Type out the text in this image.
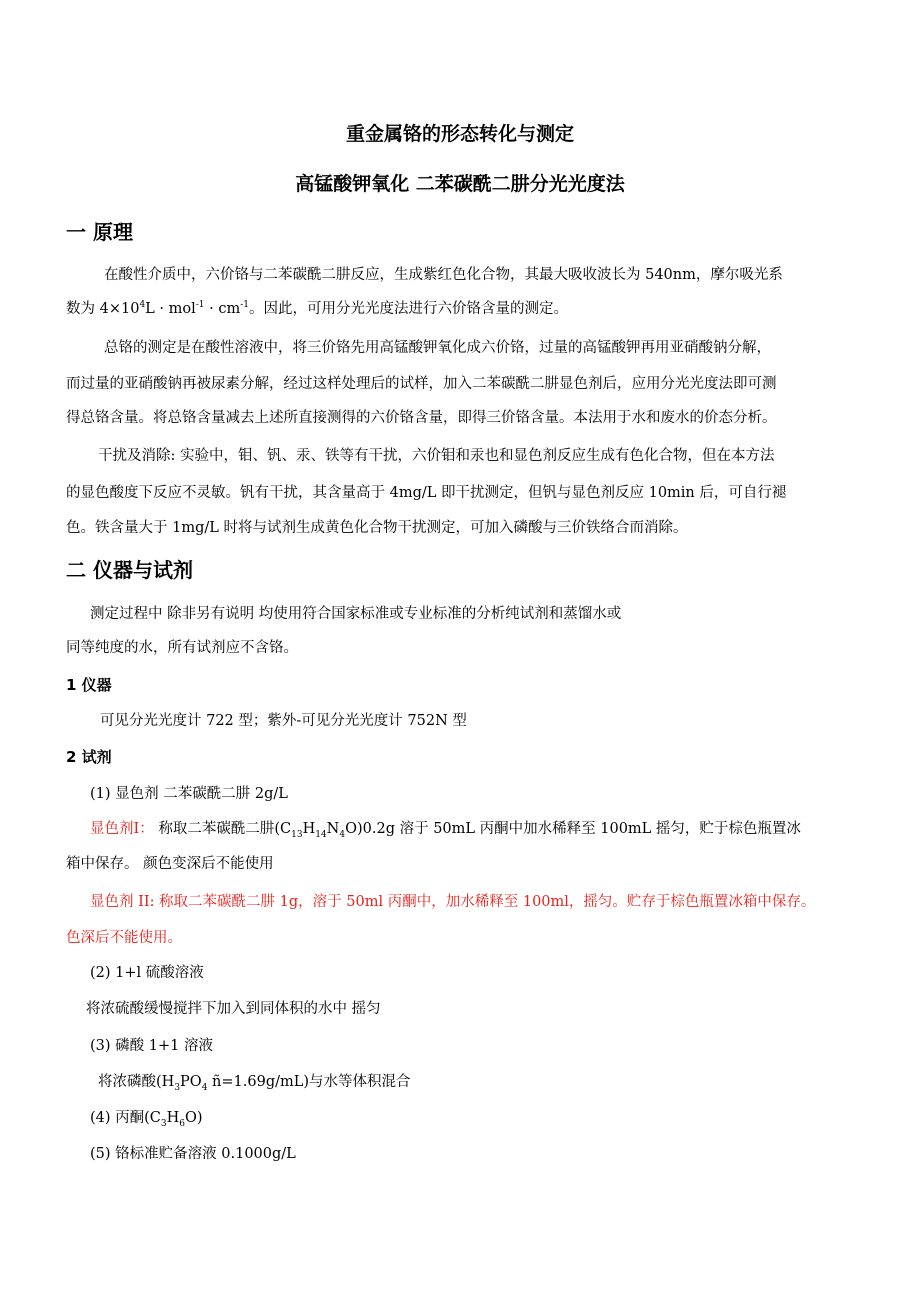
重金属铬的形态转化与测定
高锰酸钾氧化 二苯碳酰二肼分光光度法
一 原理
在酸性介质中，六价铬与二苯碳酰二肼反应，生成紫红色化合物，其最大吸收波长为 540nm，摩尔吸光系
数为 $4\times 10^4L \cdot mol^{-1} \cdot cm^{-1}$。因此，可用分光光度法进行六价铬含量的测定。
总铬的测定是在酸性溶液中，将三价铬先用高锰酸钾氧化成六价铬，过量的高锰酸钾再用亚硝酸钠分解，
而过量的亚硝酸钠再被尿素分解，经过这样处理后的试样，加入二苯碳酰二肼显色剂后，应用分光光度法即可测
得总铬含量。将总铬含量减去上述所直接测得的六价铬含量，即得三价铬含量。本法用于水和废水的价态分析。
干扰及消除: 实验中，钼、钒、汞、铁等有干扰，六价钼和汞也和显色剂反应生成有色化合物，但在本方法
的显色酸度下反应不灵敏。钒有干扰，其含量高于 4mg/L 即干扰测定，但钒与显色剂反应 10min 后，可自行褪
色。铁含量大于 1mg/L 时将与试剂生成黄色化合物干扰测定，可加入磷酸与三价铁络合而消除。
二 仪器与试剂
测定过程中 除非另有说明 均使用符合国家标准或专业标准的分析纯试剂和蒸馏水或
同等纯度的水，所有试剂应不含铬。
1 仪器
可见分光光度计 722 型；紫外-可见分光光度计 752N 型
2 试剂
(1) 显色剂 二苯碳酰二肼 2g/L
显色剂Ⅰ： 称取二苯碳酰二肼$(C_{13}H_{14}N_4O)0.2g$ 溶于 50mL 丙酮中加水稀释至 100mL 摇匀，贮于棕色瓶置冰
箱中保存。 颜色变深后不能使用
显色剂 II: 称取二苯碳酰二肼 1g，溶于 50ml 丙酮中，加水稀释至 100ml，摇匀。贮存于棕色瓶置冰箱中保存。
色深后不能使用。
(2) 1+l 硫酸溶液
将浓硫酸缓慢搅拌下加入到同体积的水中 摇匀
(3) 磷酸 1+1 溶液
将浓磷酸($H_3PO_4$ ñ=1.69g/mL)与水等体积混合
(4) 丙酮$(C_3H_6O)$
(5) 铬标准贮备溶液 0.1000g/L
